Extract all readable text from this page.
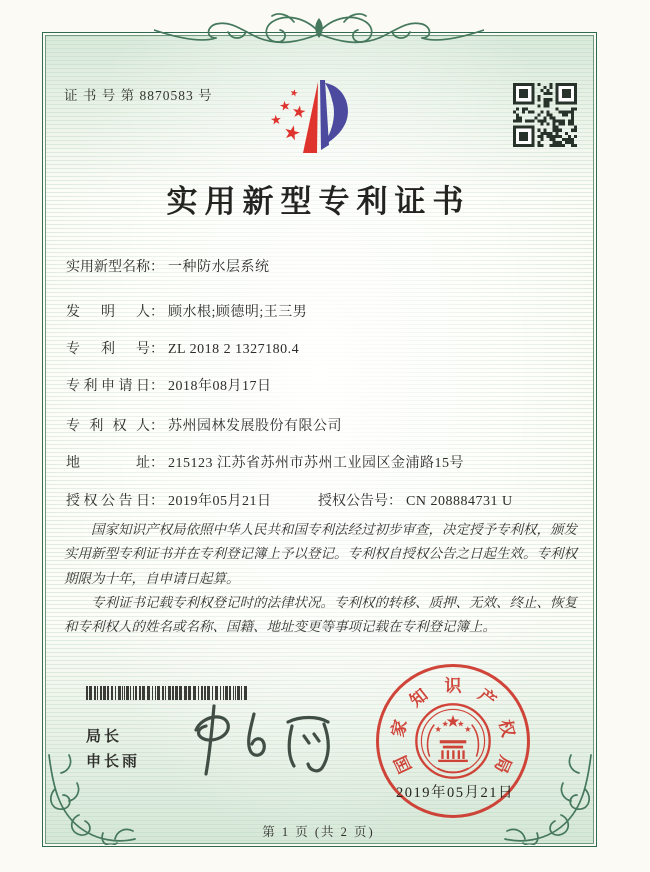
证 书 号 第 8870583 号
实用新型专利证书
实用新型名称： 一种防水层系统
发明人： 顾水根;顾德明;王三男
专利号： ZL 2018 2 1327180.4
专利申请日： 2018年08月17日
专利权人： 苏州园林发展股份有限公司
地址： 215123 江苏省苏州市苏州工业园区金浦路15号
授权公告日： 2019年05月21日	授权公告号： CN 208884731 U

国家知识产权局依照中华人民共和国专利法经过初步审查，决定授予专利权，颁发实用新型专利证书并在专利登记簿上予以登记。专利权自授权公告之日起生效。专利权期限为十年，自申请日起算。

专利证书记载专利权登记时的法律状况。专利权的转移、质押、无效、终止、恢复和专利权人的姓名或名称、国籍、地址变更等事项记载在专利登记簿上。

局长
申长雨	国
家
知 识 产
权
局
2019年05月21日
第 1 页 (共 2 页)
